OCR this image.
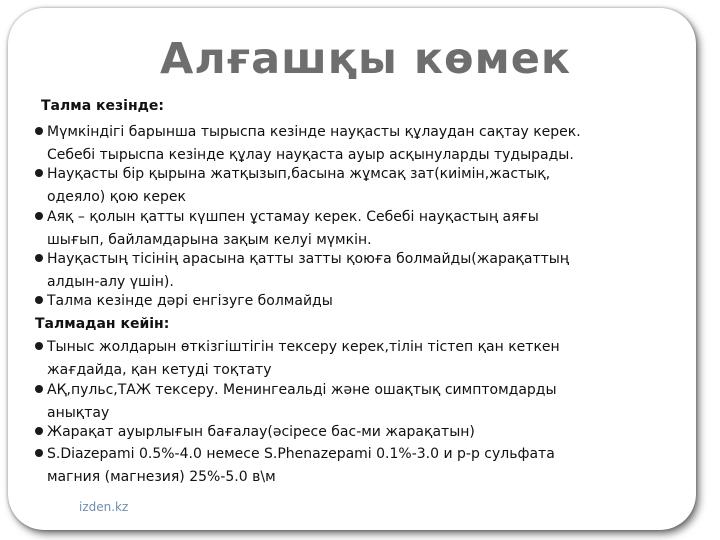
Алғашқы көмек
Талма кезінде:
Мүмкіндігі барынша тырыспа кезінде науқасты құлаудан сақтау керек.
Себебі тырыспа кезінде құлау науқаста ауыр асқынуларды тудырады.
Науқасты бір қырына жатқызып,басына жұмсақ зат(киімін,жастық,
одеяло) қою керек
Аяқ – қолын қатты күшпен ұстамау керек. Себебі науқастың аяғы
шығып, байламдарына зақым келуі мүмкін.
Науқастың тісінің арасына қатты затты қоюға болмайды(жарақаттың
алдын-алу үшін).
Талма кезінде дәрі енгізуге болмайды
Талмадан кейін:
Тыныс жолдарын өткізгіштігін тексеру керек,тілін тістеп қан кеткен
жағдайда, қан кетуді тоқтату
АҚ,пульс,ТАЖ тексеру. Менингеальді және ошақтық симптомдарды
анықтау
Жарақат ауырлығын бағалау(әсіресе бас-ми жарақатын)
S.Diazepami 0.5%-4.0 немесе S.Phenazepami 0.1%-3.0 и р-р сульфата
магния (магнезия) 25%-5.0 в\м
izden.kz
